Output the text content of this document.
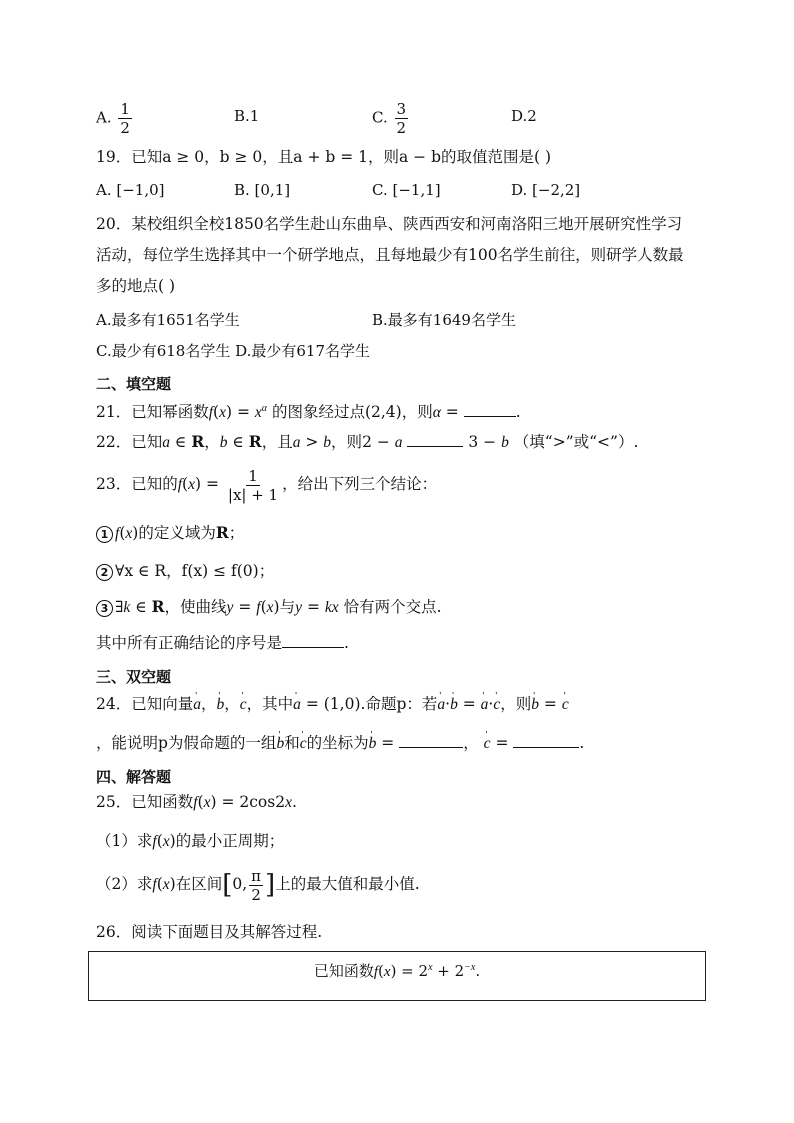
A. $\frac{1}{2}$	B.1	C. $\frac{3}{2}$	D.2
19．已知a ≥ 0，b ≥ 0，且a + b = 1，则a − b的取值范围是( )
A. [−1,0]	B. [0,1]	C. [−1,1]	D. [−2,2]
20．某校组织全校1850名学生赴山东曲阜、陕西西安和河南洛阳三地开展研究性学习
活动，每位学生选择其中一个研学地点，且每地最少有100名学生前往，则研学人数最
多的地点( )
A.最多有1651名学生	B.最多有1649名学生
C.最少有618名学生 D.最少有617名学生
二、填空题
21．已知幂函数$f(x) = x^\alpha$ 的图象经过点(2,4)，则α =	.
22．已知a ∈ R，b ∈ R，且a > b，则2 − a	3 − b （填“>”或“<”）.
23．已知的$f(x) = \frac{1}{|x| + 1}$ ，给出下列三个结论：
1 f(x)的定义域为R；
2 ∀x ∈ R，f(x) ≤ f(0)；
3 ∃k ∈ R，使曲线y = f(x)与y = kx 恰有两个交点.
其中所有正确结论的序号是	.
三、双空题
24．已知向量' a，' b，' c，其中' a = (1,0).命题p：若' a·' b = ' a·' c，则' b = ' c
，能说明p为假命题的一组' b和' c的坐标为' b =	， ' c =	.
四、解答题
25．已知函数f(x) = 2cos2x.
（1）求f(x)的最小正周期；
（2）求f(x)在区间[0, $\frac{\pi}{2}$ ]上的最大值和最小值.
26．阅读下面题目及其解答过程.
已知函数$f(x) = 2^x + 2^{-x}$.
